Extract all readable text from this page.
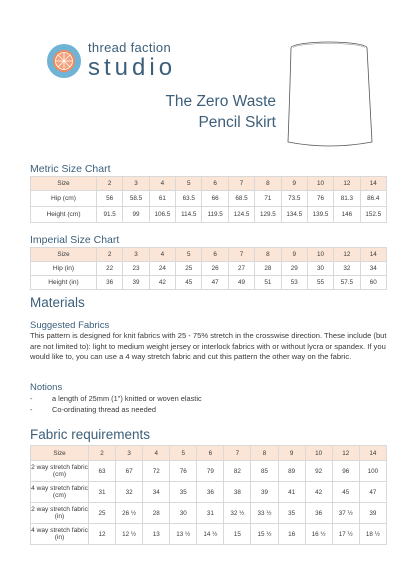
thread faction
studio
The Zero Waste
Pencil Skirt
Metric Size Chart
Size	2	3	4	5	6	7	8	9	10	12	14
Hip (cm)	56	58.5	61	63.5	66	68.5	71	73.5	76	81.3	86.4
Height (cm)	91.5	99	106.5	114.5	119.5	124.5	129.5	134.5	139.5	146	152.5
Imperial Size Chart
Size	2	3	4	5	6	7	8	9	10	12	14
Hip (in)	22	23	24	25	26	27	28	29	30	32	34
Height (in)	36	39	42	45	47	49	51	53	55	57.5	60
Materials
Suggested Fabrics
This pattern is designed for knit fabrics with 25 - 75% stretch in the crosswise direction. These include (but are not limited to): light to medium weight jersey or interlock fabrics with or without lycra or spandex. If you would like to, you can use a 4 way stretch fabric and cut this pattern the other way on the fabric.
Notions
-	a length of 25mm (1") knitted or woven elastic
-	Co-ordinating thread as needed
Fabric requirements
Size	2	3	4	5	6	7	8	9	10	12	14
2 way stretch fabric (cm)	63	67	72	76	79	82	85	89	92	96	100
4 way stretch fabric (cm)	31	32	34	35	36	38	39	41	42	45	47
2 way stretch fabric (in)	25	26 ½	28	30	31	32 ½	33 ½	35	36	37 ½	39
4 way stretch fabric (in)	12	12 ½	13	13 ½	14 ½	15	15 ½	16	16 ½	17 ½	18 ½
